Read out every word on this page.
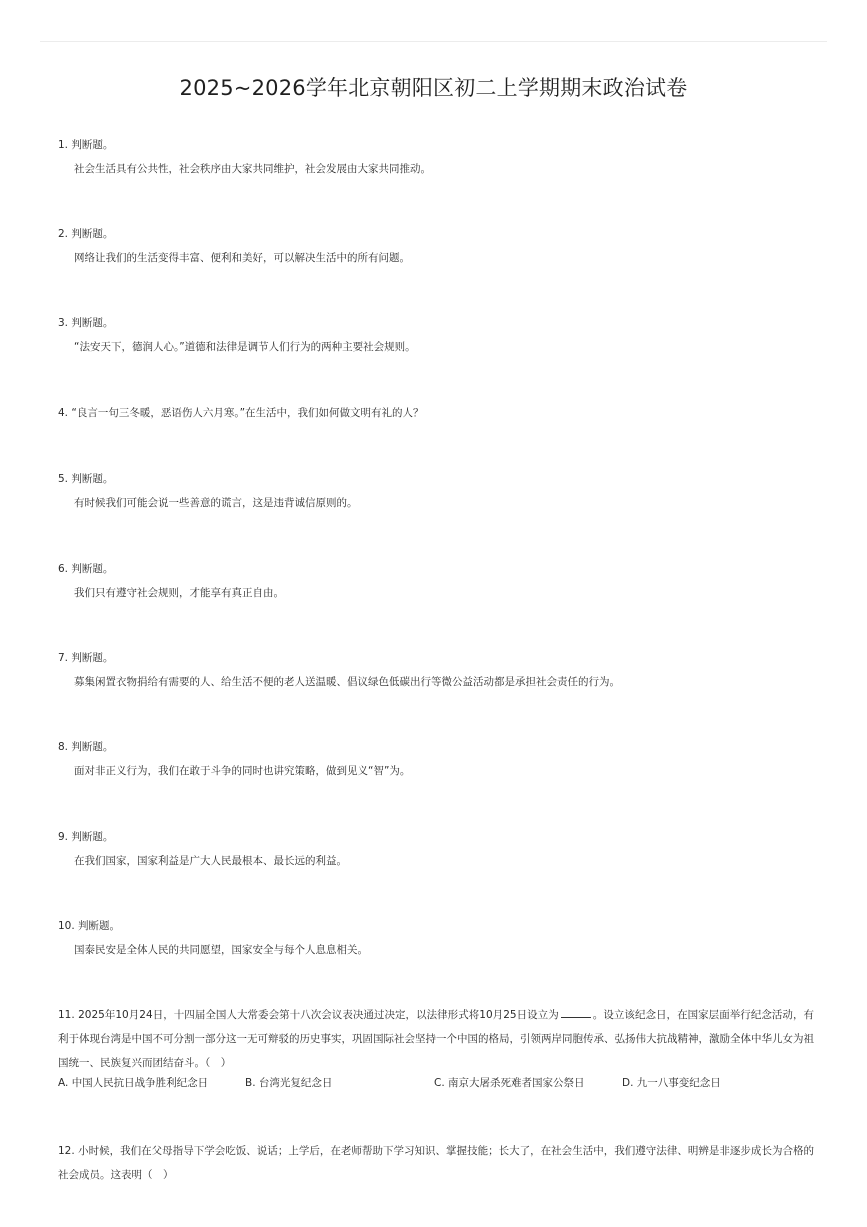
2025~2026学年北京朝阳区初二上学期期末政治试卷
1. 判断题。
社会生活具有公共性，社会秩序由大家共同维护，社会发展由大家共同推动。
2. 判断题。
网络让我们的生活变得丰富、便利和美好，可以解决生活中的所有问题。
3. 判断题。
“法安天下，德润人心。”道德和法律是调节人们行为的两种主要社会规则。
4. “良言一句三冬暖，恶语伤人六月寒。”在生活中，我们如何做文明有礼的人？
5. 判断题。
有时候我们可能会说一些善意的谎言，这是违背诚信原则的。
6. 判断题。
我们只有遵守社会规则，才能享有真正自由。
7. 判断题。
募集闲置衣物捐给有需要的人、给生活不便的老人送温暖、倡议绿色低碳出行等微公益活动都是承担社会责任的行为。
8. 判断题。
面对非正义行为，我们在敢于斗争的同时也讲究策略，做到见义“智”为。
9. 判断题。
在我们国家，国家利益是广大人民最根本、最长远的利益。
10. 判断题。
国泰民安是全体人民的共同愿望，国家安全与每个人息息相关。
11. 2025年10月24日，十四届全国人大常委会第十八次会议表决通过决定，以法律形式将10月25日设立为	。设立该纪念日，在国家层面举行纪念活动，有利于体现台湾是中国不可分割一部分这一无可辩驳的历史事实，巩固国际社会坚持一个中国的格局，引领两岸同胞传承、弘扬伟大抗战精神，激励全体中华儿女为祖国统一、民族复兴而团结奋斗。（　）
A. 中国人民抗日战争胜利纪念日	B. 台湾光复纪念日	C. 南京大屠杀死难者国家公祭日	D. 九一八事变纪念日
12. 小时候，我们在父母指导下学会吃饭、说话；上学后，在老师帮助下学习知识、掌握技能；长大了，在社会生活中，我们遵守法律、明辨是非逐步成长为合格的社会成员。这表明（　）
